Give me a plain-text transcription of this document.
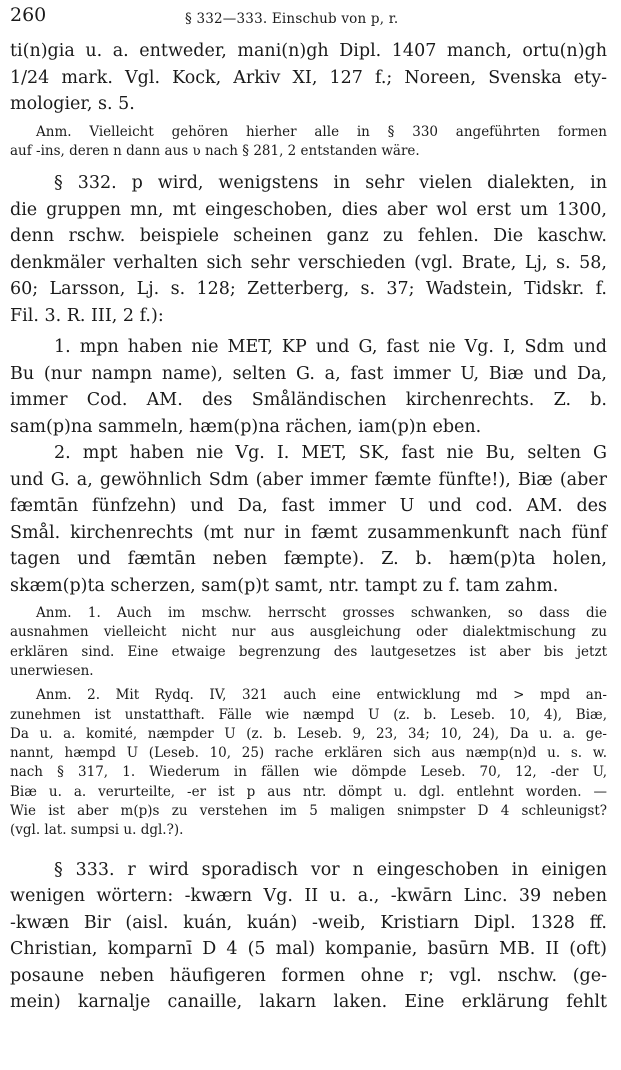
260	§ 332—333. Einschub von p, r.

ti(n)gia u. a. entweder, mani(n)gh Dipl. 1407 manch, ortu(n)gh

1/24 mark. Vgl. Kock, Arkiv XI, 127 f.; Noreen, Svenska ety-

mologier, s. 5.

Anm. Vielleicht gehören hierher alle in § 330 angeführten formen

auf -ins, deren n dann aus ʋ nach § 281, 2 entstanden wäre.

§ 332. p wird, wenigstens in sehr vielen dialekten, in

die gruppen mn, mt eingeschoben, dies aber wol erst um 1300,

denn rschw. beispiele scheinen ganz zu fehlen. Die kaschw.

denkmäler verhalten sich sehr verschieden (vgl. Brate, Lj, s. 58,

60; Larsson, Lj. s. 128; Zetterberg, s. 37; Wadstein, Tidskr. f.

Fil. 3. R. III, 2 f.):

1. mpn haben nie MET, KP und G, fast nie Vg. I, Sdm und

Bu (nur nampn name), selten G. a, fast immer U, Biæ und Da,

immer Cod. AM. des Småländischen kirchenrechts. Z. b.

sam(p)na sammeln, hæm(p)na rächen, iam(p)n eben.

2. mpt haben nie Vg. I. MET, SK, fast nie Bu, selten G

und G. a, gewöhnlich Sdm (aber immer fæmte fünfte!), Biæ (aber

fæmtān fünfzehn) und Da, fast immer U und cod. AM. des

Smål. kirchenrechts (mt nur in fæmt zusammenkunft nach fünf

tagen und fæmtān neben fæmpte). Z. b. hæm(p)ta holen,

skæm(p)ta scherzen, sam(p)t samt, ntr. tampt zu f. tam zahm.

Anm. 1. Auch im mschw. herrscht grosses schwanken, so dass die

ausnahmen vielleicht nicht nur aus ausgleichung oder dialektmischung zu

erklären sind. Eine etwaige begrenzung des lautgesetzes ist aber bis jetzt

unerwiesen.

Anm. 2. Mit Rydq. IV, 321 auch eine entwicklung md > mpd an-

zunehmen ist unstatthaft. Fälle wie næmpd U (z. b. Leseb. 10, 4), Biæ,

Da u. a. komité, næmpder U (z. b. Leseb. 9, 23, 34; 10, 24), Da u. a. ge-

nannt, hæmpd U (Leseb. 10, 25) rache erklären sich aus næmp(n)d u. s. w.

nach § 317, 1. Wiederum in fällen wie dömpde Leseb. 70, 12, -der U,

Biæ u. a. verurteilte, -er ist p aus ntr. dömpt u. dgl. entlehnt worden. —

Wie ist aber m(p)s zu verstehen im 5 maligen snimpster D 4 schleunigst?

(vgl. lat. sumpsi u. dgl.?).

§ 333. r wird sporadisch vor n eingeschoben in einigen

wenigen wörtern: -kwærn Vg. II u. a., -kwārn Linc. 39 neben

-kwæn Bir (aisl. kuán, kuán) -weib, Kristiarn Dipl. 1328 ff.

Christian, komparnī D 4 (5 mal) kompanie, basūrn MB. II (oft)

posaune neben häufigeren formen ohne r; vgl. nschw. (ge-

mein) karnalje canaille, lakarn laken. Eine erklärung fehlt
